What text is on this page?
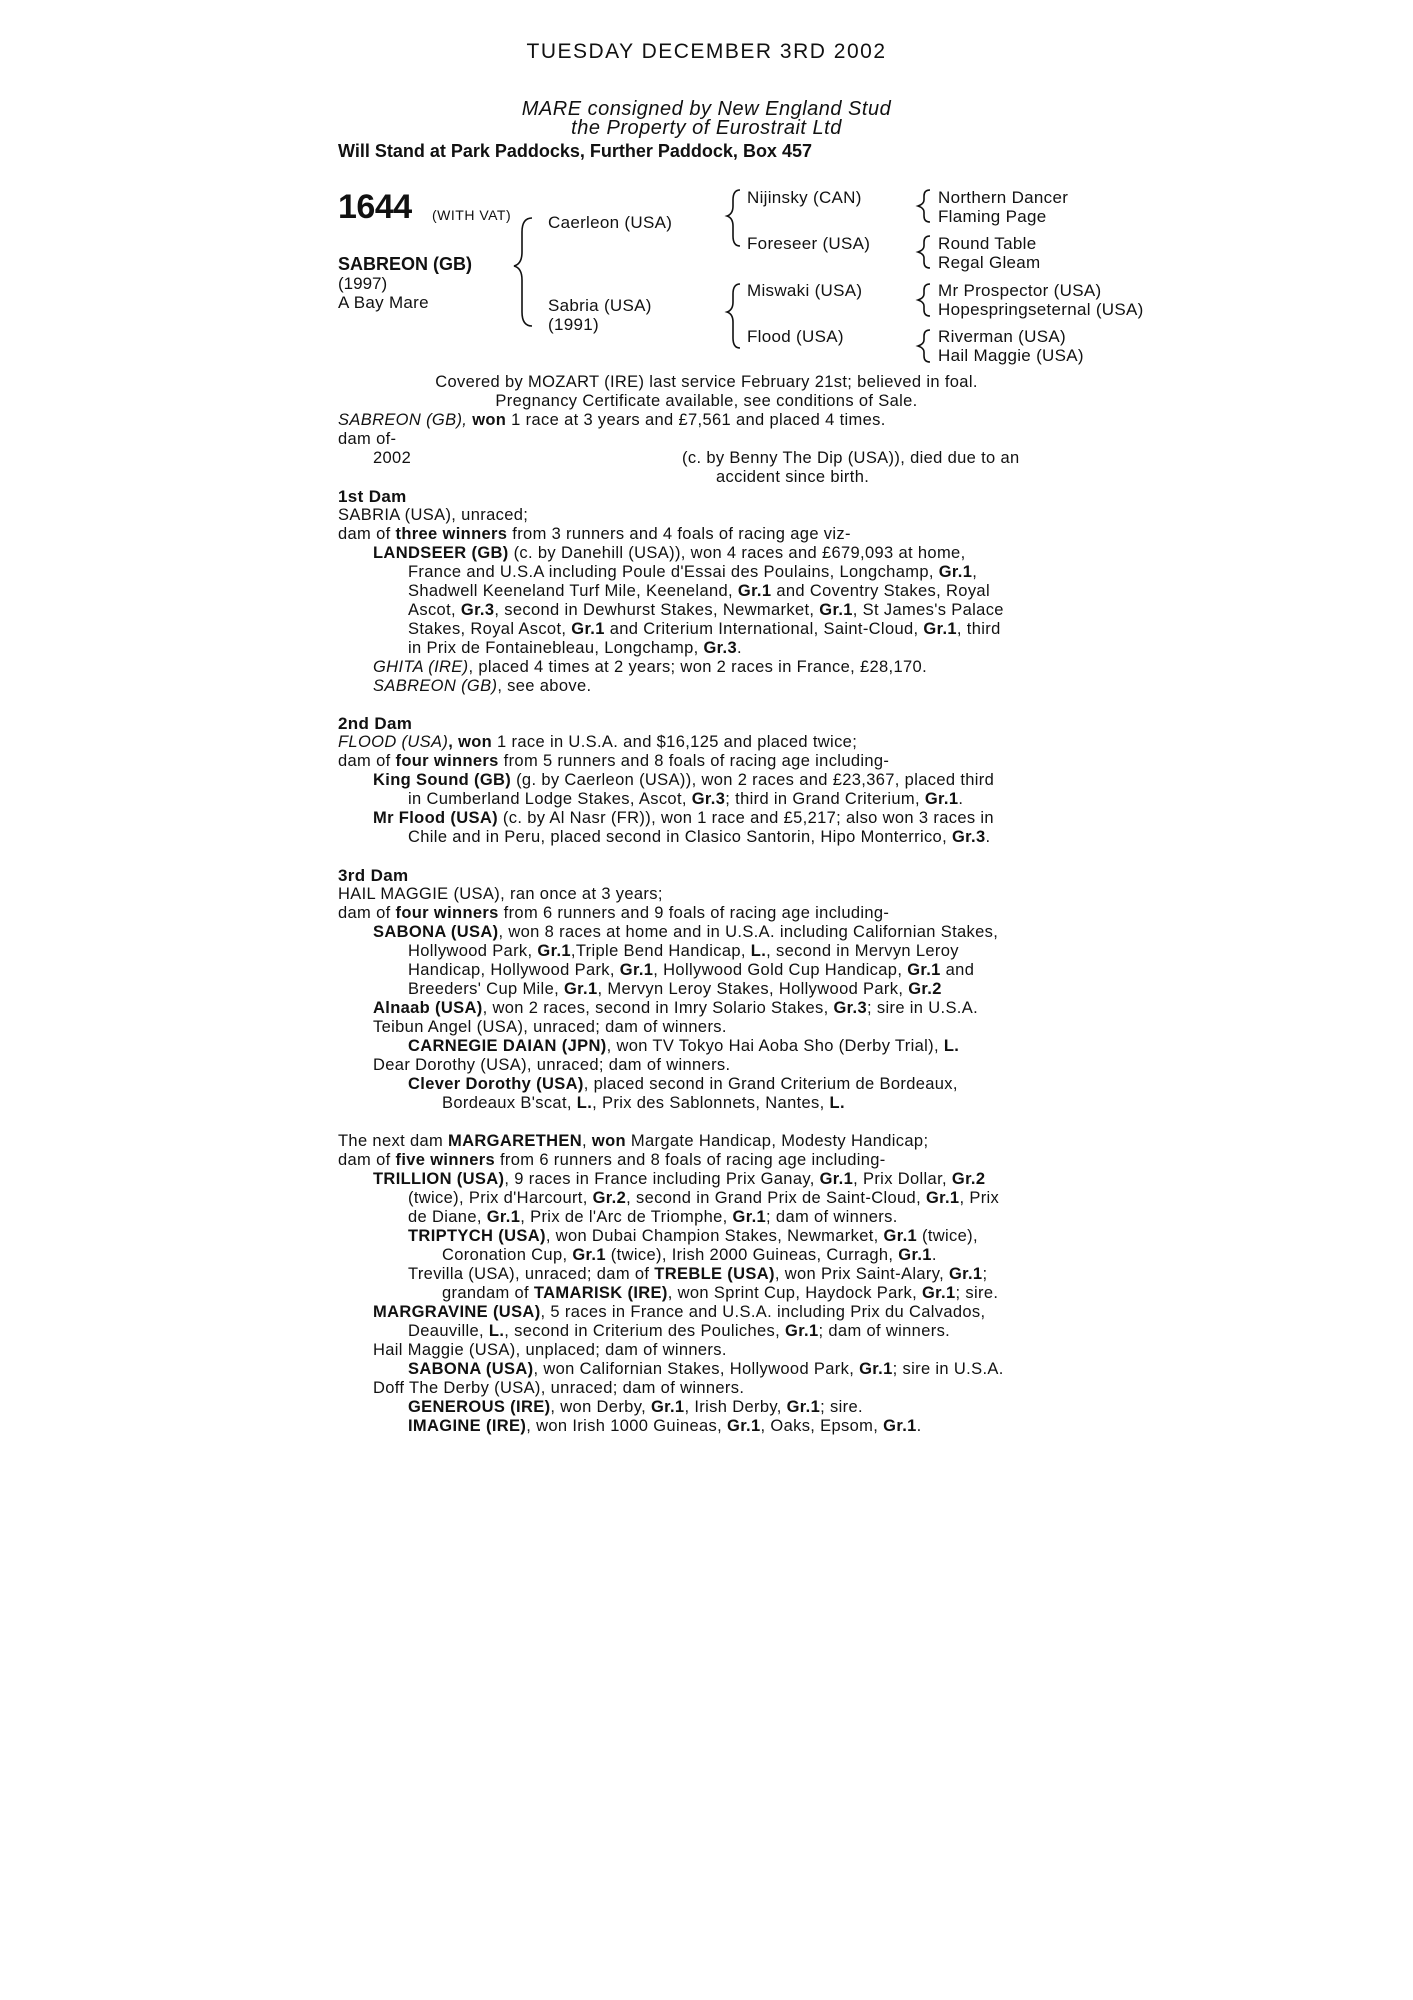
TUESDAY DECEMBER 3RD 2002
MARE consigned by New England Stud
the Property of Eurostrait Ltd
Will Stand at Park Paddocks, Further Paddock, Box 457
1644 (WITH VAT)
SABREON (GB)
(1997)
A Bay Mare
Caerleon (USA)
Sabria (USA)
(1991)
Nijinsky (CAN)
Foreseer (USA)
Miswaki (USA)
Flood (USA)
Northern Dancer
Flaming Page
Round Table
Regal Gleam
Mr Prospector (USA)
Hopespringseternal (USA)
Riverman (USA)
Hail Maggie (USA)
Covered by MOZART (IRE) last service February 21st; believed in foal.
Pregnancy Certificate available, see conditions of Sale.
SABREON (GB), won 1 race at 3 years and £7,561 and placed 4 times.
dam of-
2002	(c. by Benny The Dip (USA)), died due to an
accident since birth.
1st Dam
SABRIA (USA), unraced;
dam of three winners from 3 runners and 4 foals of racing age viz-
LANDSEER (GB) (c. by Danehill (USA)), won 4 races and £679,093 at home,
France and U.S.A including Poule d'Essai des Poulains, Longchamp, Gr.1,
Shadwell Keeneland Turf Mile, Keeneland, Gr.1 and Coventry Stakes, Royal
Ascot, Gr.3, second in Dewhurst Stakes, Newmarket, Gr.1, St James's Palace
Stakes, Royal Ascot, Gr.1 and Criterium International, Saint-Cloud, Gr.1, third
in Prix de Fontainebleau, Longchamp, Gr.3.
GHITA (IRE), placed 4 times at 2 years; won 2 races in France, £28,170.
SABREON (GB), see above.
2nd Dam
FLOOD (USA), won 1 race in U.S.A. and $16,125 and placed twice;
dam of four winners from 5 runners and 8 foals of racing age including-
King Sound (GB) (g. by Caerleon (USA)), won 2 races and £23,367, placed third
in Cumberland Lodge Stakes, Ascot, Gr.3; third in Grand Criterium, Gr.1.
Mr Flood (USA) (c. by Al Nasr (FR)), won 1 race and £5,217; also won 3 races in
Chile and in Peru, placed second in Clasico Santorin, Hipo Monterrico, Gr.3.
3rd Dam
HAIL MAGGIE (USA), ran once at 3 years;
dam of four winners from 6 runners and 9 foals of racing age including-
SABONA (USA), won 8 races at home and in U.S.A. including Californian Stakes,
Hollywood Park, Gr.1,Triple Bend Handicap, L., second in Mervyn Leroy
Handicap, Hollywood Park, Gr.1, Hollywood Gold Cup Handicap, Gr.1 and
Breeders' Cup Mile, Gr.1, Mervyn Leroy Stakes, Hollywood Park, Gr.2
Alnaab (USA), won 2 races, second in Imry Solario Stakes, Gr.3; sire in U.S.A.
Teibun Angel (USA), unraced; dam of winners.
CARNEGIE DAIAN (JPN), won TV Tokyo Hai Aoba Sho (Derby Trial), L.
Dear Dorothy (USA), unraced; dam of winners.
Clever Dorothy (USA), placed second in Grand Criterium de Bordeaux,
Bordeaux B'scat, L., Prix des Sablonnets, Nantes, L.
The next dam MARGARETHEN, won Margate Handicap, Modesty Handicap;
dam of five winners from 6 runners and 8 foals of racing age including-
TRILLION (USA), 9 races in France including Prix Ganay, Gr.1, Prix Dollar, Gr.2
(twice), Prix d'Harcourt, Gr.2, second in Grand Prix de Saint-Cloud, Gr.1, Prix
de Diane, Gr.1, Prix de l'Arc de Triomphe, Gr.1; dam of winners.
TRIPTYCH (USA), won Dubai Champion Stakes, Newmarket, Gr.1 (twice),
Coronation Cup, Gr.1 (twice), Irish 2000 Guineas, Curragh, Gr.1.
Trevilla (USA), unraced; dam of TREBLE (USA), won Prix Saint-Alary, Gr.1;
grandam of TAMARISK (IRE), won Sprint Cup, Haydock Park, Gr.1; sire.
MARGRAVINE (USA), 5 races in France and U.S.A. including Prix du Calvados,
Deauville, L., second in Criterium des Pouliches, Gr.1; dam of winners.
Hail Maggie (USA), unplaced; dam of winners.
SABONA (USA), won Californian Stakes, Hollywood Park, Gr.1; sire in U.S.A.
Doff The Derby (USA), unraced; dam of winners.
GENEROUS (IRE), won Derby, Gr.1, Irish Derby, Gr.1; sire.
IMAGINE (IRE), won Irish 1000 Guineas, Gr.1, Oaks, Epsom, Gr.1.
